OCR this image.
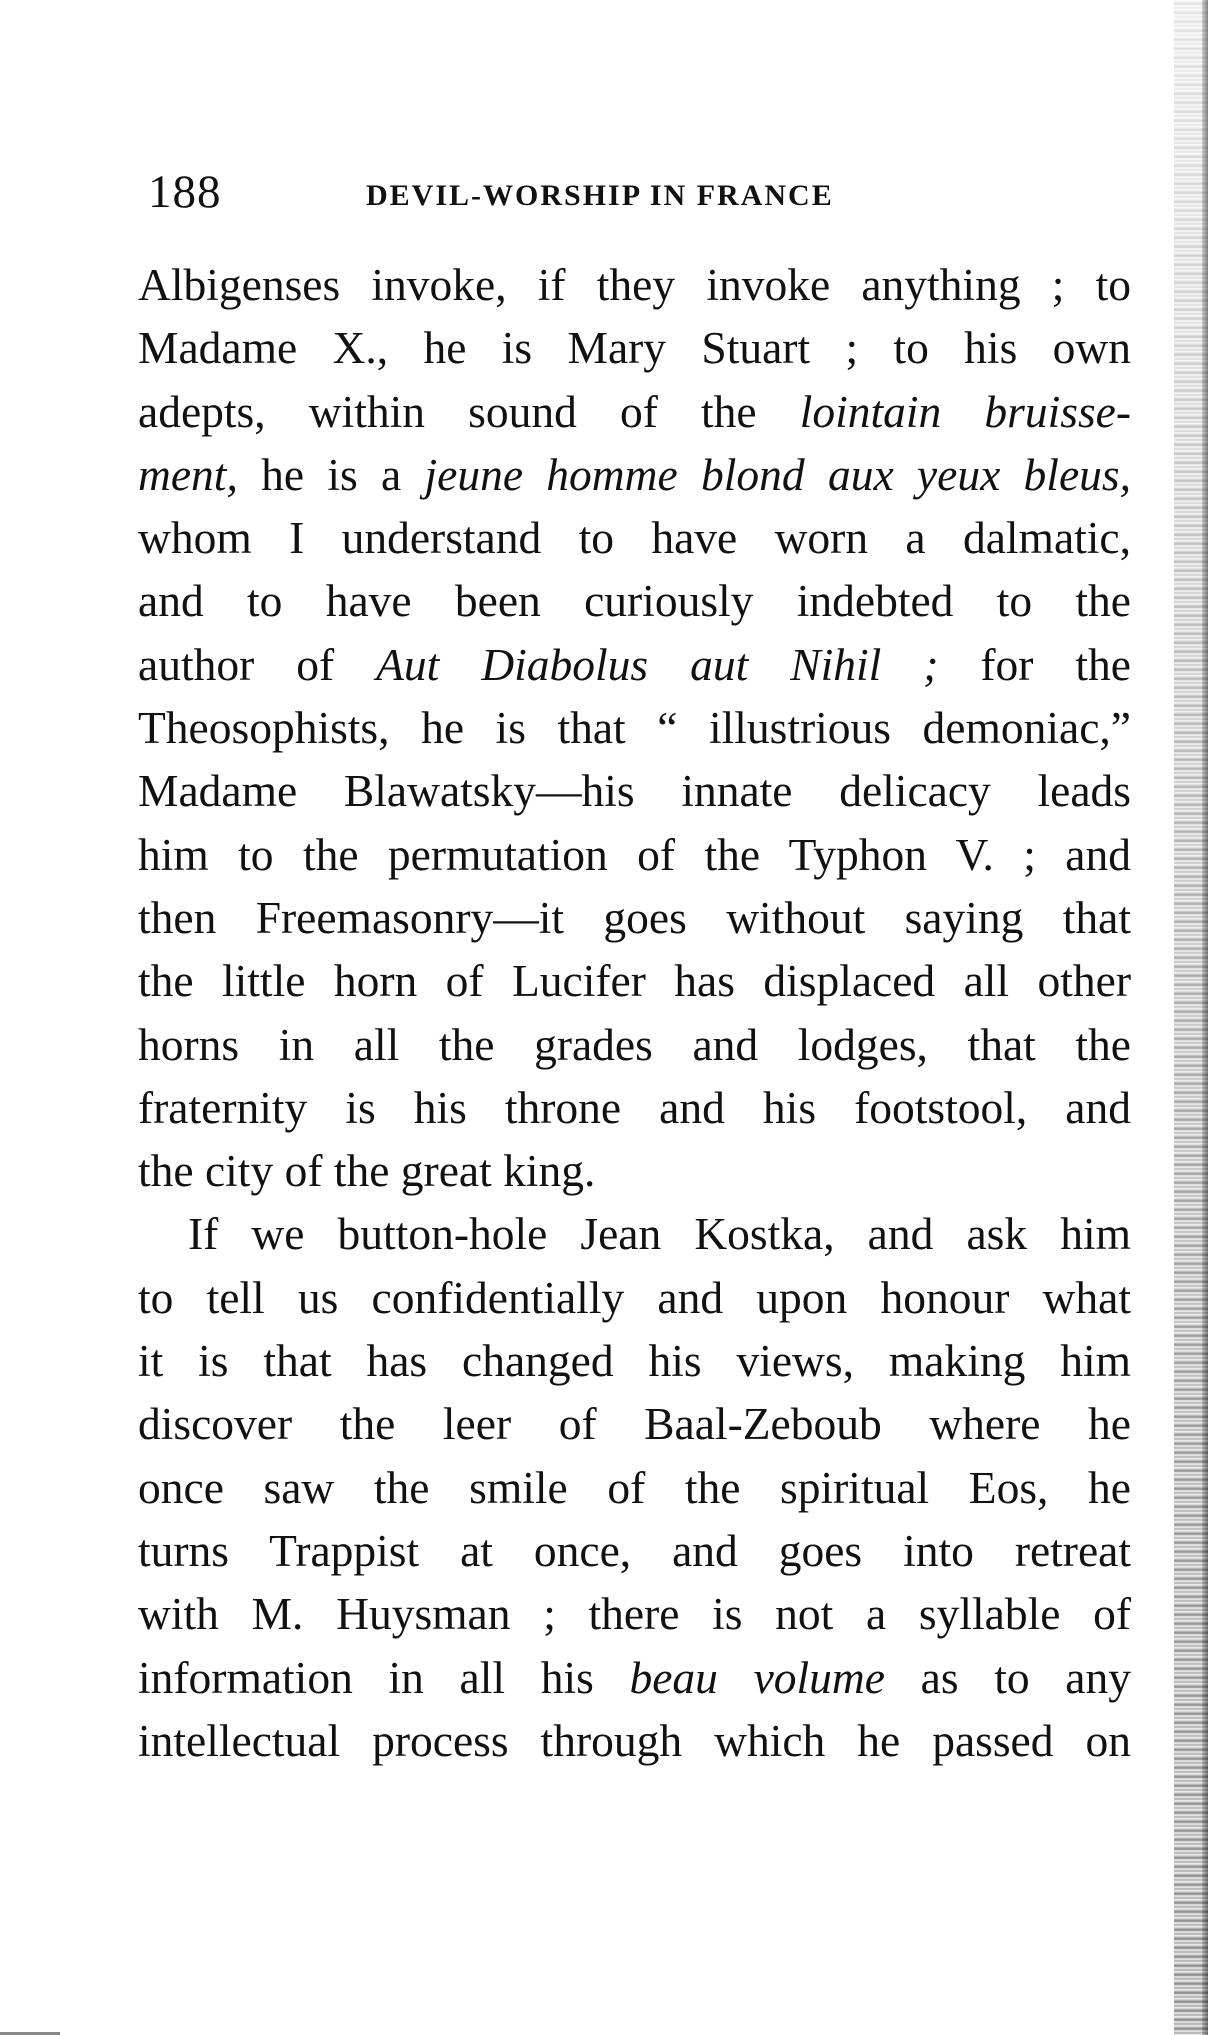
188	DEVIL-WORSHIP IN FRANCE
Albigenses invoke, if they invoke anything ; to
Madame X., he is Mary Stuart ; to his own
adepts, within sound of the lointain bruisse-
ment, he is a jeune homme blond aux yeux bleus,
whom I understand to have worn a dalmatic,
and to have been curiously indebted to the
author of Aut Diabolus aut Nihil ; for the
Theosophists, he is that “ illustrious demoniac,”
Madame Blawatsky—his innate delicacy leads
him to the permutation of the Typhon V. ; and
then Freemasonry—it goes without saying that
the little horn of Lucifer has displaced all other
horns in all the grades and lodges, that the
fraternity is his throne and his footstool, and
the city of the great king.
If we button-hole Jean Kostka, and ask him
to tell us confidentially and upon honour what
it is that has changed his views, making him
discover the leer of Baal-Zeboub where he
once saw the smile of the spiritual Eos, he
turns Trappist at once, and goes into retreat
with M. Huysman ; there is not a syllable of
information in all his beau volume as to any
intellectual process through which he passed on
